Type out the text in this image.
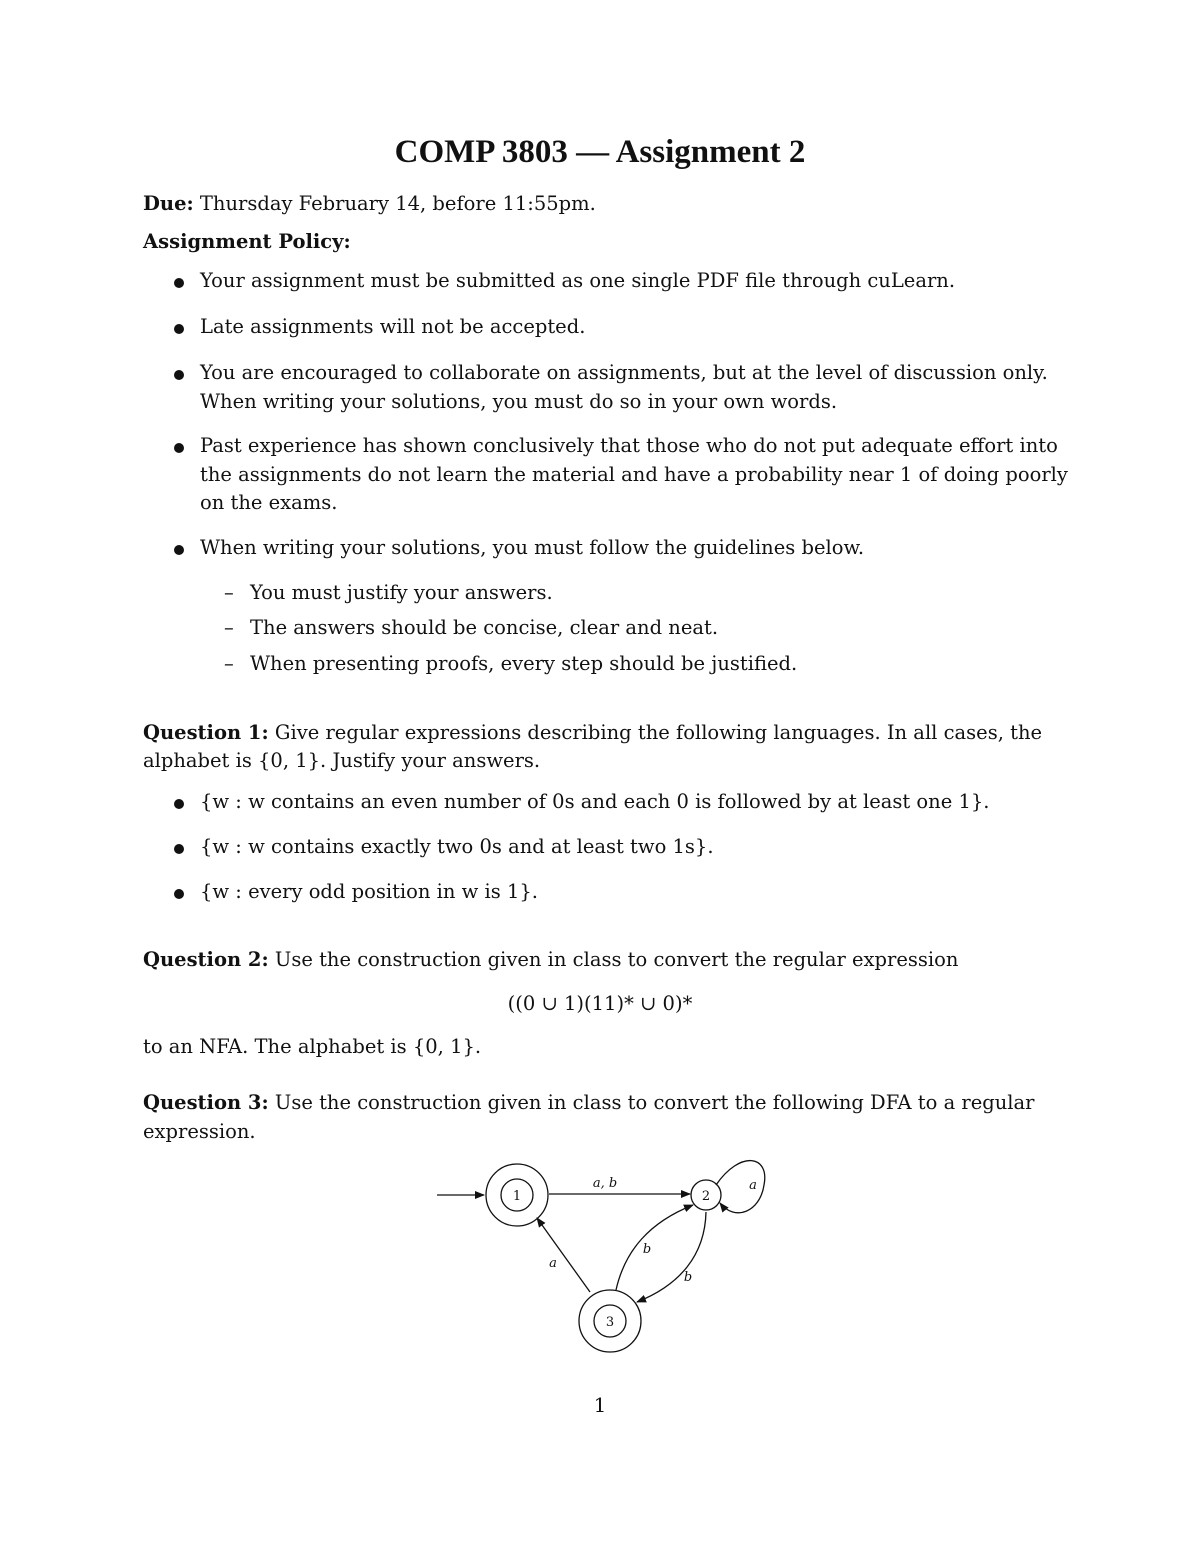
COMP 3803 — Assignment 2
Due: Thursday February 14, before 11:55pm.
Assignment Policy:
Your assignment must be submitted as one single PDF file through cuLearn.
Late assignments will not be accepted.
You are encouraged to collaborate on assignments, but at the level of discussion only. When writing your solutions, you must do so in your own words.
Past experience has shown conclusively that those who do not put adequate effort into the assignments do not learn the material and have a probability near 1 of doing poorly on the exams.
When writing your solutions, you must follow the guidelines below.
– You must justify your answers.
– The answers should be concise, clear and neat.
– When presenting proofs, every step should be justified.
Question 1: Give regular expressions describing the following languages. In all cases, the
alphabet is {0, 1}. Justify your answers.
{w : w contains an even number of 0s and each 0 is followed by at least one 1}.
{w : w contains exactly two 0s and at least two 1s}.
{w : every odd position in w is 1}.
Question 2: Use the construction given in class to convert the regular expression
((0 ∪ 1)(11)* ∪ 0)*
to an NFA. The alphabet is {0, 1}.
Question 3: Use the construction given in class to convert the following DFA to a regular
expression.
1	2
3
a, b	a
a
b
b
1
